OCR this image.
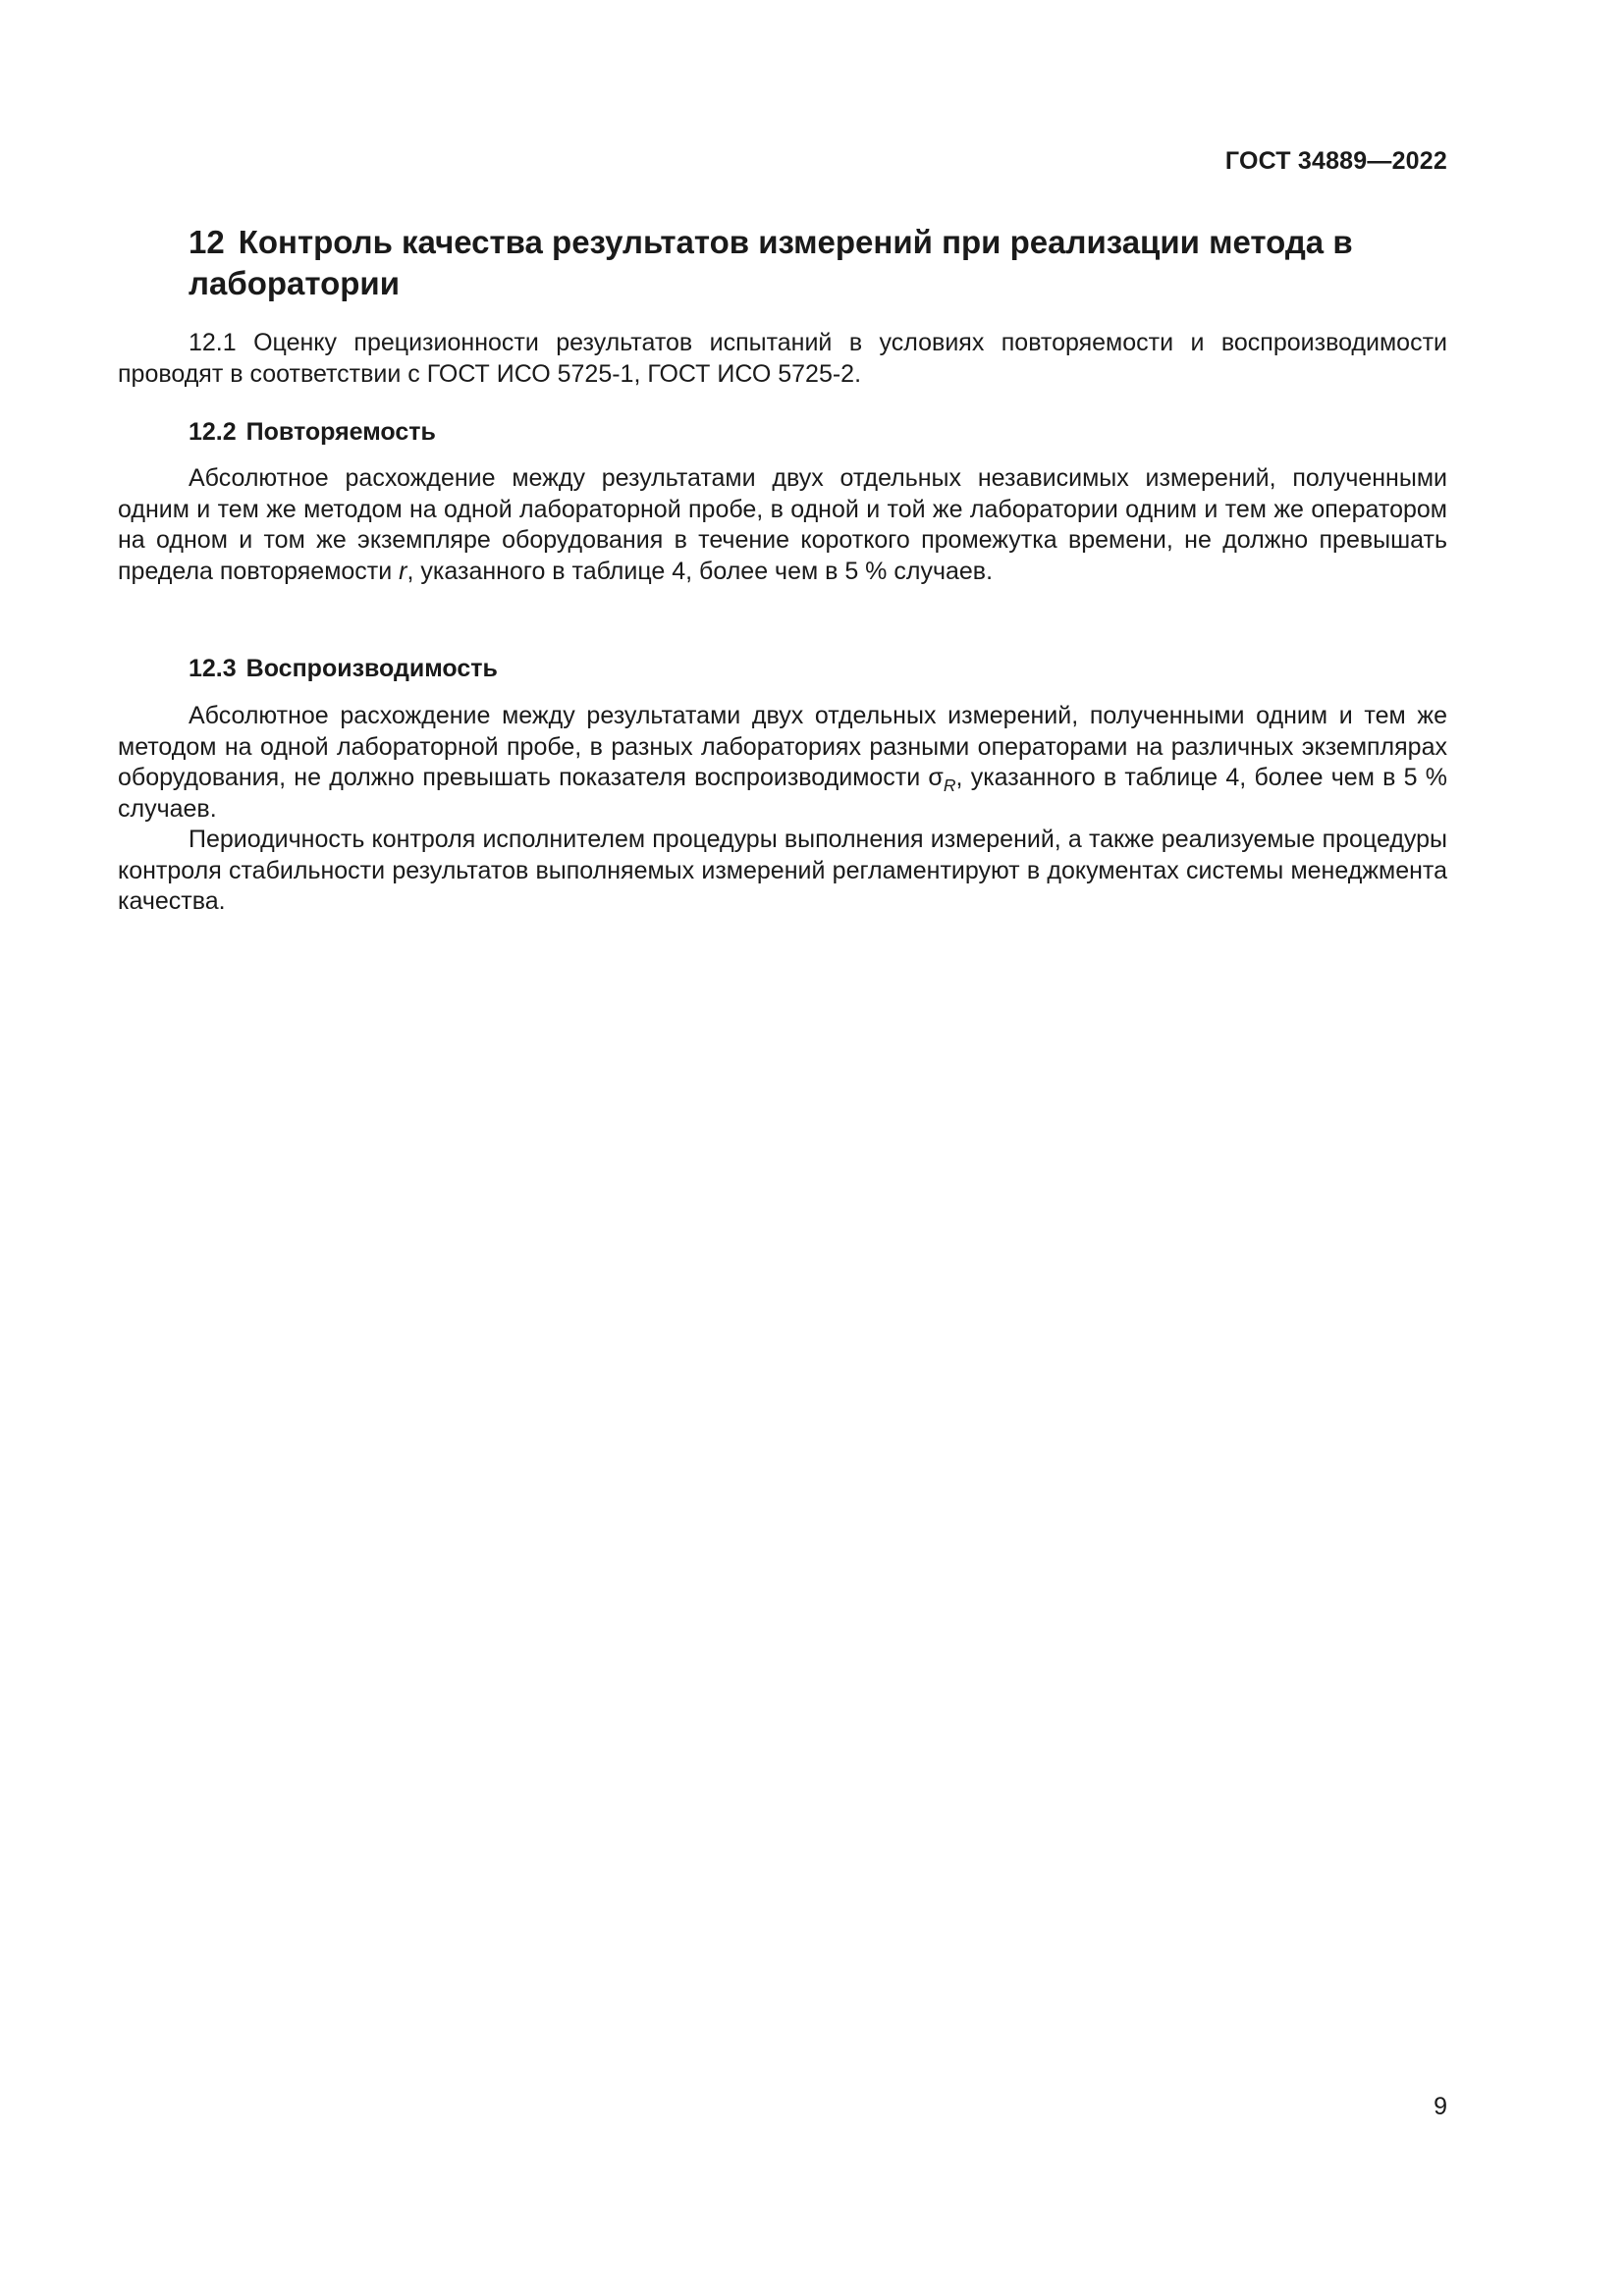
ГОСТ 34889—2022
12 Контроль качества результатов измерений при реализации метода в лаборатории

12.1 Оценку прецизионности результатов испытаний в условиях повторяемости и воспроизводимости проводят в соответствии с ГОСТ ИСО 5725-1, ГОСТ ИСО 5725-2.

12.2 Повторяемость

Абсолютное расхождение между результатами двух отдельных независимых измерений, полученными одним и тем же методом на одной лабораторной пробе, в одной и той же лаборатории одним и тем же оператором на одном и том же экземпляре оборудования в течение короткого промежутка времени, не должно превышать предела повторяемости r, указанного в таблице 4, более чем в 5 % случаев.

12.3 Воспроизводимость

Абсолютное расхождение между результатами двух отдельных измерений, полученными одним и тем же методом на одной лабораторной пробе, в разных лабораториях разными операторами на различных экземплярах оборудования, не должно превышать показателя воспроизводимости $\sigma_R$, указанного в таблице 4, более чем в 5 % случаев.

Периодичность контроля исполнителем процедуры выполнения измерений, а также реализуемые процедуры контроля стабильности результатов выполняемых измерений регламентируют в документах системы менеджмента качества.

9
